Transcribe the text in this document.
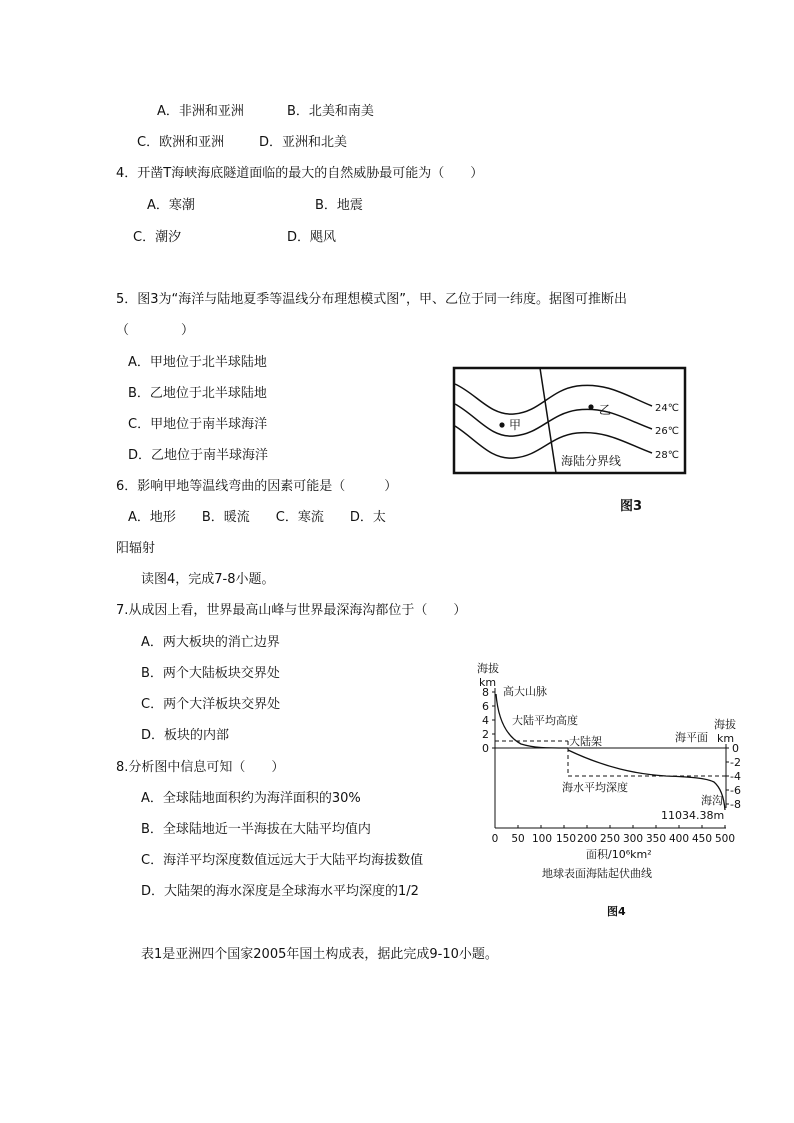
A．非洲和亚洲	B．北美和南美
C．欧洲和亚洲	D．亚洲和北美
4．开凿T海峡海底隧道面临的最大的自然威胁最可能为（　　）
A．寒潮	B．地震
C．潮汐	D．飓风
5．图3为“海洋与陆地夏季等温线分布理想模式图”，甲、乙位于同一纬度。据图可推断出
（　　　　）
A．甲地位于北半球陆地
B．乙地位于北半球陆地
C．甲地位于南半球海洋
D．乙地位于南半球海洋
甲
乙	24℃
26℃
28℃
海陆分界线
图3
6．影响甲地等温线弯曲的因素可能是（　　　）
A．地形　　B．暖流　　C．寒流　　D．太
阳辐射
读图4，完成7-8小题。
7.从成因上看，世界最高山峰与世界最深海沟都位于（　　）
A．两大板块的消亡边界
B．两个大陆板块交界处
C．两个大洋板块交界处
D．板块的内部
8.分析图中信息可知（　　）
A．全球陆地面积约为海洋面积的30%
B．全球陆地近一半海拔在大陆平均值内
C．海洋平均深度数值远远大于大陆平均海拔数值
D．大陆架的海水深度是全球海水平均深度的1/2
海拔
km
海拔
km
8
6
4
2
0	0
-2
-4
-6
-8
0 50 100 150 200 250 300 350 400 450 500
面积/10⁶km²
高大山脉
大陆平均高度
大陆架	海平面
海水平均深度
海沟
11034.38m
地球表面海陆起伏曲线
图4
表1是亚洲四个国家2005年国土构成表，据此完成9-10小题。
